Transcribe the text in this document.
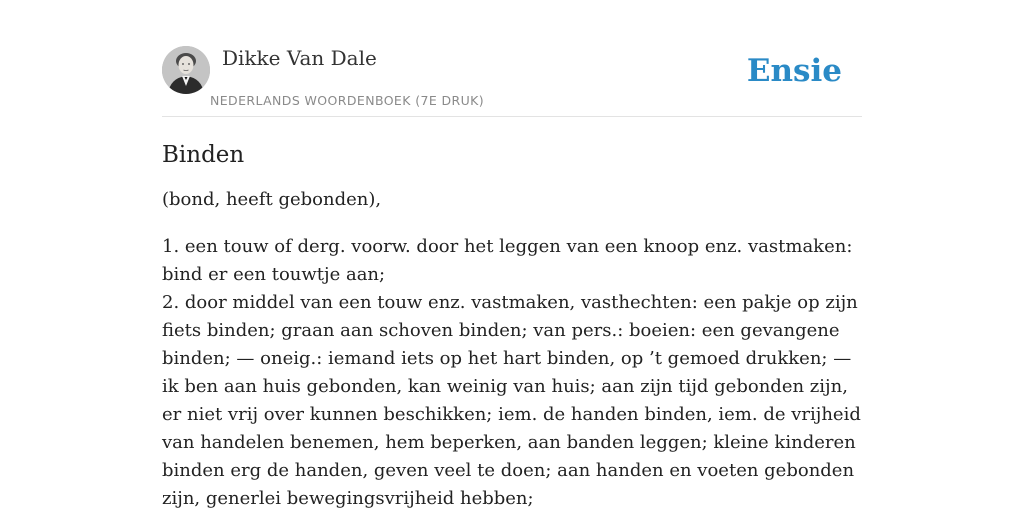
Dikke Van Dale
NEDERLANDS WOORDENBOEK (7E DRUK)
Ensie
Binden

(bond, heeft gebonden),

1. een touw of derg. voorw. door het leggen van een knoop enz. vastmaken: bind er een touwtje aan;

2. door middel van een touw enz. vastmaken, vasthechten: een pakje op zijn fiets binden; graan aan schoven binden; van pers.: boeien: een gevangene binden; — oneig.: iemand iets op het hart binden, op ’t gemoed drukken; — ik ben aan huis gebonden, kan weinig van huis; aan zijn tijd gebonden zijn, er niet vrij over kunnen beschikken; iem. de handen binden, iem. de vrijheid van handelen benemen, hem beperken, aan banden leggen; kleine kinderen binden erg de handen, geven veel te doen; aan handen en voeten gebonden zijn, generlei bewegingsvrijheid hebben;
